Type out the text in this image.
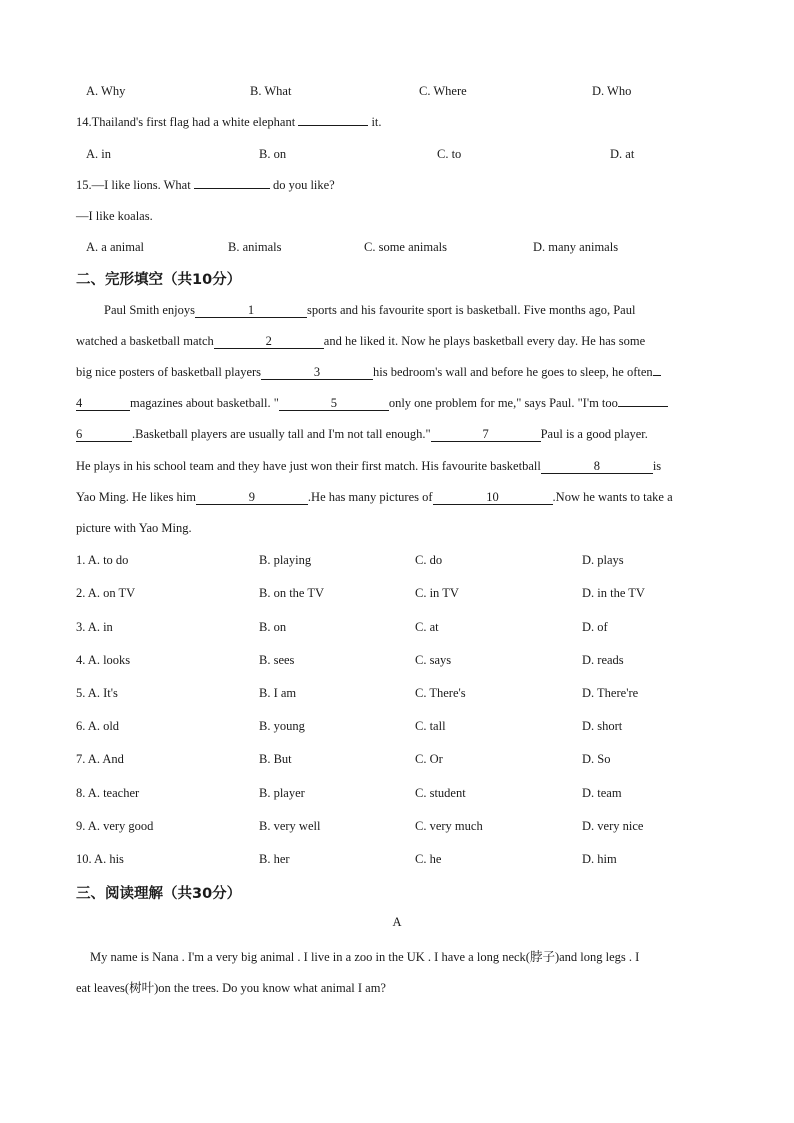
A. Why	B. What	C. Where	D. Who
14.Thailand's first flag had a white elephant	it.
A. in	B. on	C. to	D. at
15.—I like lions. What	do you like?
—I like koalas.
A. a animal	B. animals	C. some animals	D. many animals
二、完形填空（共10分）
Paul Smith enjoys	1	sports and his favourite sport is basketball. Five months ago, Paul
watched a basketball match	2	and he liked it. Now he plays basketball every day. He has some
big nice posters of basketball players	3	his bedroom's wall and before he goes to sleep, he often
4	magazines about basketball. "	5	only one problem for me," says Paul. "I'm too
6	.Basketball players are usually tall and I'm not tall enough."	7	Paul is a good player.
He plays in his school team and they have just won their first match. His favourite basketball	8	is
Yao Ming. He likes him	9	.He has many pictures of	10	.Now he wants to take a
picture with Yao Ming.
1. A. to do	B. playing	C. do	D. plays
2. A. on TV	B. on the TV	C. in TV	D. in the TV
3. A. in	B. on	C. at	D. of
4. A. looks	B. sees	C. says	D. reads
5. A. It's	B. I am	C. There's	D. There're
6. A. old	B. young	C. tall	D. short
7. A. And	B. But	C. Or	D. So
8. A. teacher	B. player	C. student	D. team
9. A. very good	B. very well	C. very much	D. very nice
10. A. his	B. her	C. he	D. him
三、阅读理解（共30分）
A
My name is Nana . I'm a very big animal . I live in a zoo in the UK . I have a long neck(脖子)and long legs . I
eat leaves(树叶)on the trees. Do you know what animal I am?
